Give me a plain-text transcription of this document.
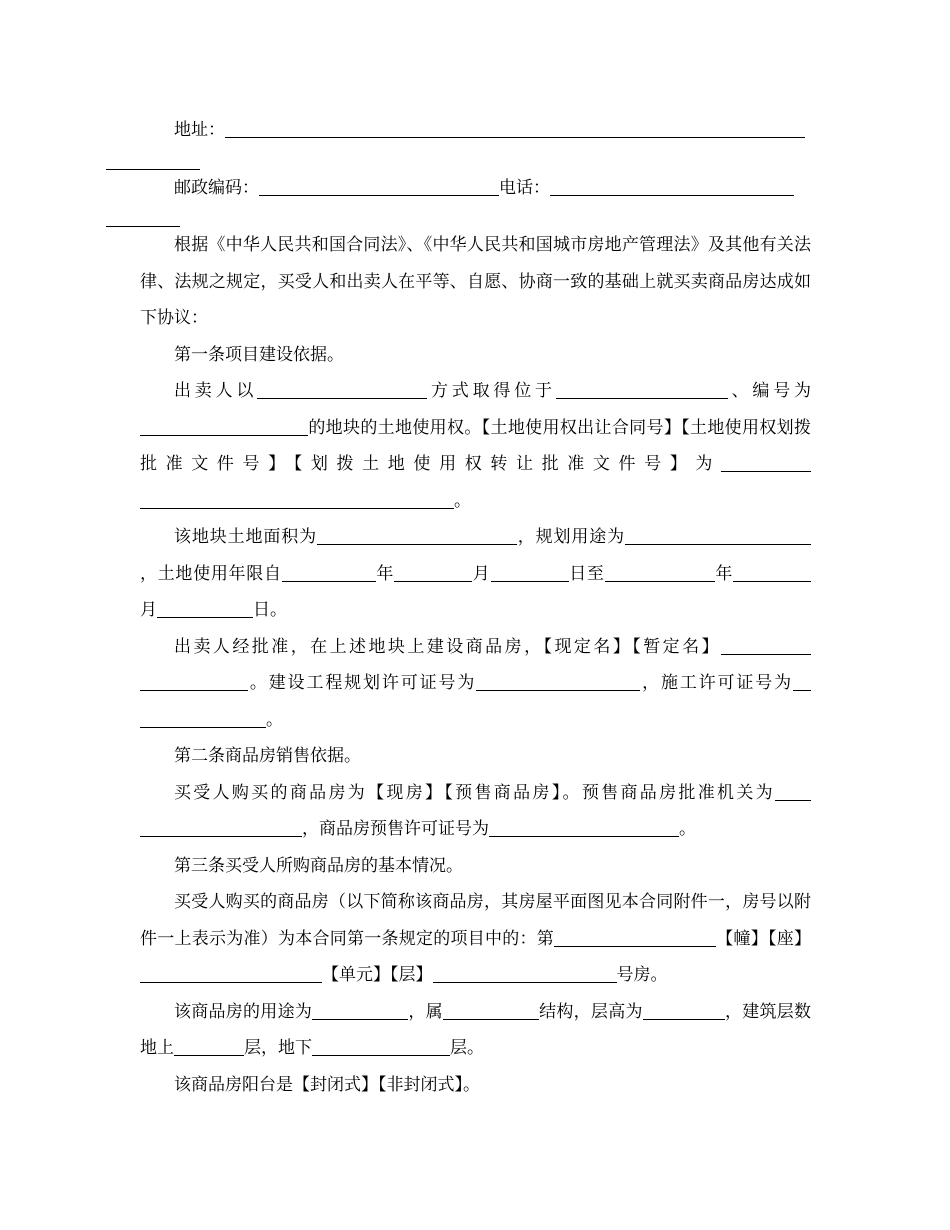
地址：

邮政编码：	电话：

根据《中华人民共和国合同法》、《中华人民共和国城市房地产管理法》及其他有关法律、法规之规定，买受人和出卖人在平等、自愿、协商一致的基础上就买卖商品房达成如下协议：

第一条项目建设依据。

出卖人以	方式取得位于	、编号为的地块的土地使用权。【土地使用权出让合同号】【土地使用权划拨批准文件号】【划拨土地使用权转让批准文件号】为。

该地块土地面积为	，规划用途为，土地使用年限自	年	月	日至	年月	日。

出卖人经批准，在上述地块上建设商品房，【现定名】【暂定名】。建设工程规划许可证号为	，施工许可证号为。

第二条商品房销售依据。

买受人购买的商品房为【现房】【预售商品房】。预售商品房批准机关为，商品房预售许可证号为	。

第三条买受人所购商品房的基本情况。

买受人购买的商品房（以下简称该商品房，其房屋平面图见本合同附件一，房号以附件一上表示为准）为本合同第一条规定的项目中的：第	【幢】【座】【单元】【层】	号房。

该商品房的用途为	，属	结构，层高为	，建筑层数地上	层，地下	层。

该商品房阳台是【封闭式】【非封闭式】。
